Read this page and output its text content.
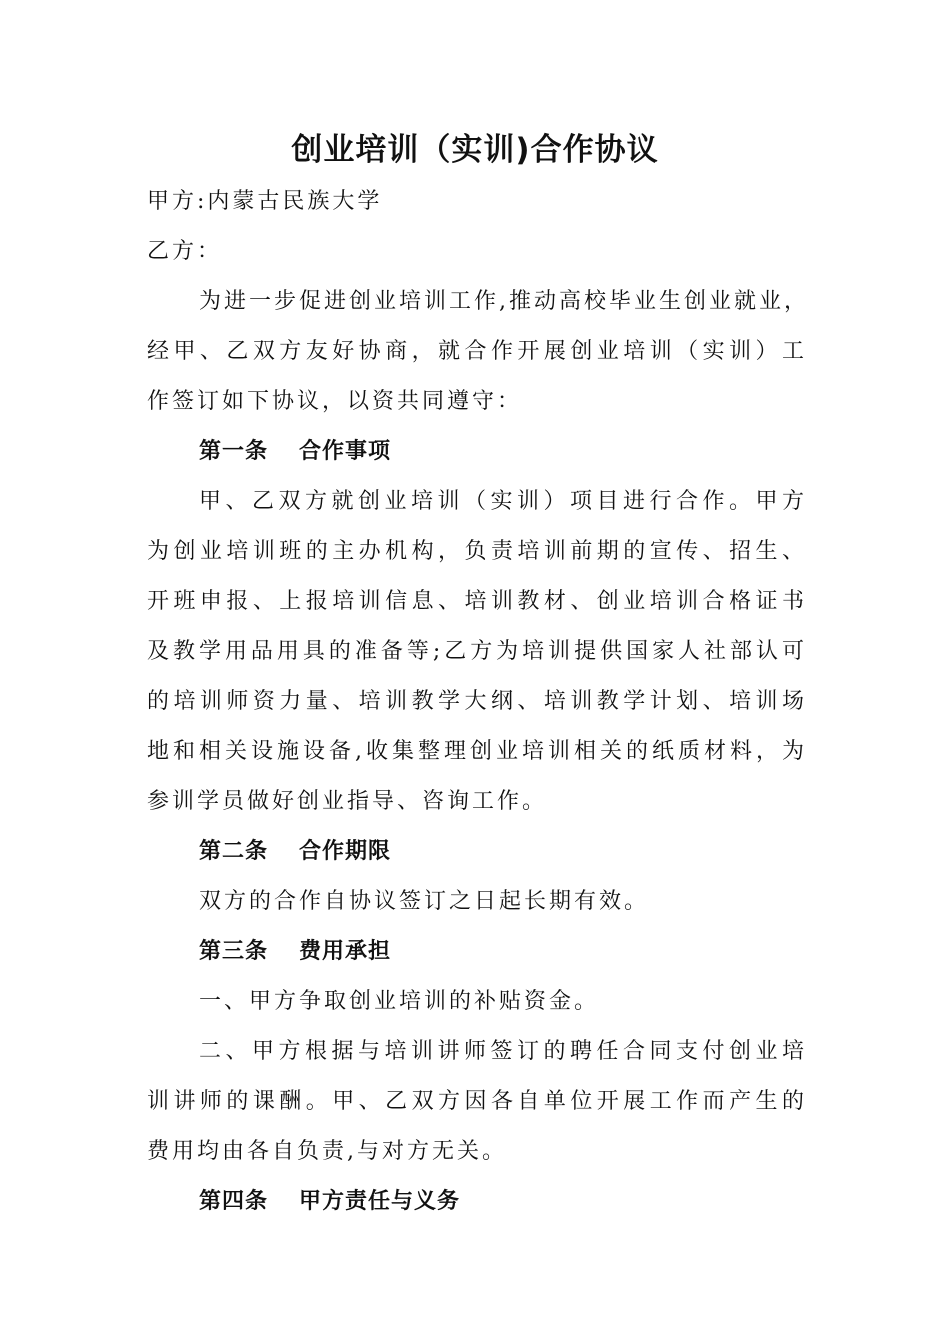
创业培训（实训)合作协议

甲方:内蒙古民族大学

乙方：

为进一步促进创业培训工作,推动高校毕业生创业就业，

经甲、乙双方友好协商，就合作开展创业培训（实训）工

作签订如下协议，以资共同遵守：

第一条 合作事项

甲、乙双方就创业培训（实训）项目进行合作。甲方

为创业培训班的主办机构，负责培训前期的宣传、招生、

开班申报、上报培训信息、培训教材、创业培训合格证书

及教学用品用具的准备等;乙方为培训提供国家人社部认可

的培训师资力量、培训教学大纲、培训教学计划、培训场

地和相关设施设备,收集整理创业培训相关的纸质材料，为

参训学员做好创业指导、咨询工作。

第二条 合作期限

双方的合作自协议签订之日起长期有效。

第三条 费用承担

一、甲方争取创业培训的补贴资金。

二、甲方根据与培训讲师签订的聘任合同支付创业培

训讲师的课酬。甲、乙双方因各自单位开展工作而产生的

费用均由各自负责,与对方无关。

第四条 甲方责任与义务
